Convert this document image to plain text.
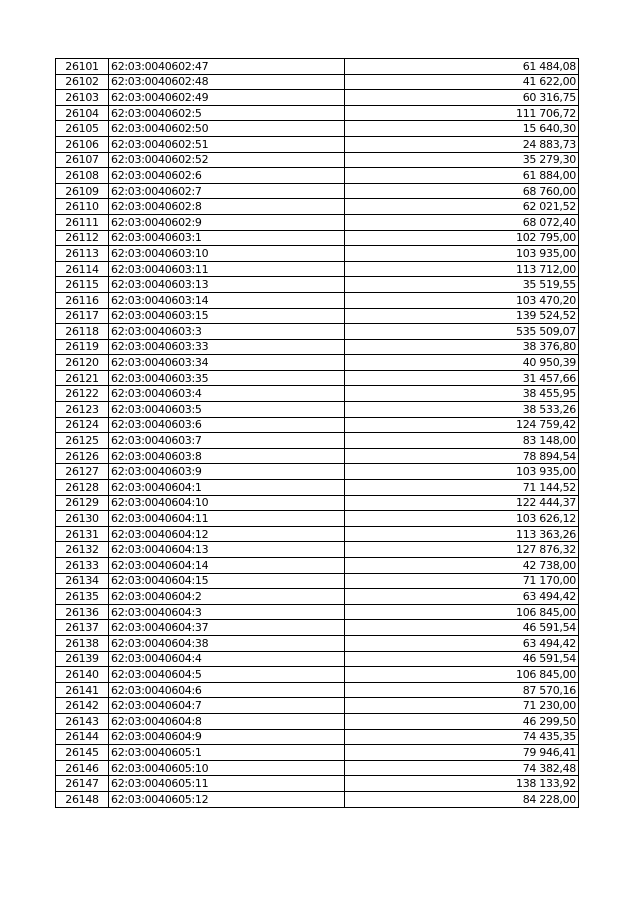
26101	62:03:0040602:47	61 484,08
26102	62:03:0040602:48	41 622,00
26103	62:03:0040602:49	60 316,75
26104	62:03:0040602:5	111 706,72
26105	62:03:0040602:50	15 640,30
26106	62:03:0040602:51	24 883,73
26107	62:03:0040602:52	35 279,30
26108	62:03:0040602:6	61 884,00
26109	62:03:0040602:7	68 760,00
26110	62:03:0040602:8	62 021,52
26111	62:03:0040602:9	68 072,40
26112	62:03:0040603:1	102 795,00
26113	62:03:0040603:10	103 935,00
26114	62:03:0040603:11	113 712,00
26115	62:03:0040603:13	35 519,55
26116	62:03:0040603:14	103 470,20
26117	62:03:0040603:15	139 524,52
26118	62:03:0040603:3	535 509,07
26119	62:03:0040603:33	38 376,80
26120	62:03:0040603:34	40 950,39
26121	62:03:0040603:35	31 457,66
26122	62:03:0040603:4	38 455,95
26123	62:03:0040603:5	38 533,26
26124	62:03:0040603:6	124 759,42
26125	62:03:0040603:7	83 148,00
26126	62:03:0040603:8	78 894,54
26127	62:03:0040603:9	103 935,00
26128	62:03:0040604:1	71 144,52
26129	62:03:0040604:10	122 444,37
26130	62:03:0040604:11	103 626,12
26131	62:03:0040604:12	113 363,26
26132	62:03:0040604:13	127 876,32
26133	62:03:0040604:14	42 738,00
26134	62:03:0040604:15	71 170,00
26135	62:03:0040604:2	63 494,42
26136	62:03:0040604:3	106 845,00
26137	62:03:0040604:37	46 591,54
26138	62:03:0040604:38	63 494,42
26139	62:03:0040604:4	46 591,54
26140	62:03:0040604:5	106 845,00
26141	62:03:0040604:6	87 570,16
26142	62:03:0040604:7	71 230,00
26143	62:03:0040604:8	46 299,50
26144	62:03:0040604:9	74 435,35
26145	62:03:0040605:1	79 946,41
26146	62:03:0040605:10	74 382,48
26147	62:03:0040605:11	138 133,92
26148	62:03:0040605:12	84 228,00
